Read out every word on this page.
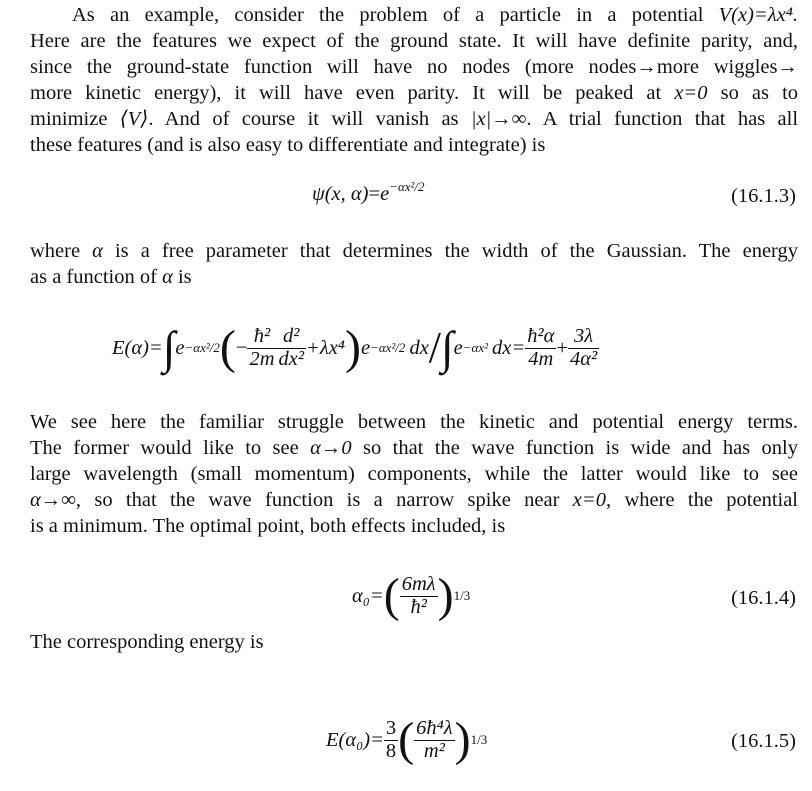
As an example, consider the problem of a particle in a potential V(x)=λx⁴.
Here are the features we expect of the ground state. It will have definite parity, and,
since the ground-state function will have no nodes (more nodes→more wiggles→
more kinetic energy), it will have even parity. It will be peaked at x=0 so as to
minimize ⟨V⟩. And of course it will vanish as |x|→∞. A trial function that has all
these features (and is also easy to differentiate and integrate) is
ψ(x, $\alpha)=e^{-\alpha x^2/2}$	(16.1.3)
where α is a free parameter that determines the width of the Gaussian. The energy
as a function of α is
E(α)= ∫ e −αx²/2 ( − $\frac{\text{ħ²}}{2m} \frac{\text{d²}}{\text{dx²}} +\lambda x^4$ ) e −αx²/2 dx / ∫ e −αx² $dx= \frac{\text{ħ²α}}{4m} + \frac{3\lambda}{\text{4α²}}$
We see here the familiar struggle between the kinetic and potential energy terms.
The former would like to see α→0 so that the wave function is wide and has only
large wavelength (small momentum) components, while the latter would like to see
α→∞, so that the wave function is a narrow spike near x=0, where the potential
is a minimum. The optimal point, both effects included, is
α₀= ( $\frac{6m\lambda}{\text{ħ²}}$ ) 1/3	(16.1.4)
The corresponding energy is
$E(\alpha_0)= \frac{3}{8}$ ( $\frac{\text{6ħ⁴λ}}{\text{m²}}$ ) 1/3	(16.1.5)
